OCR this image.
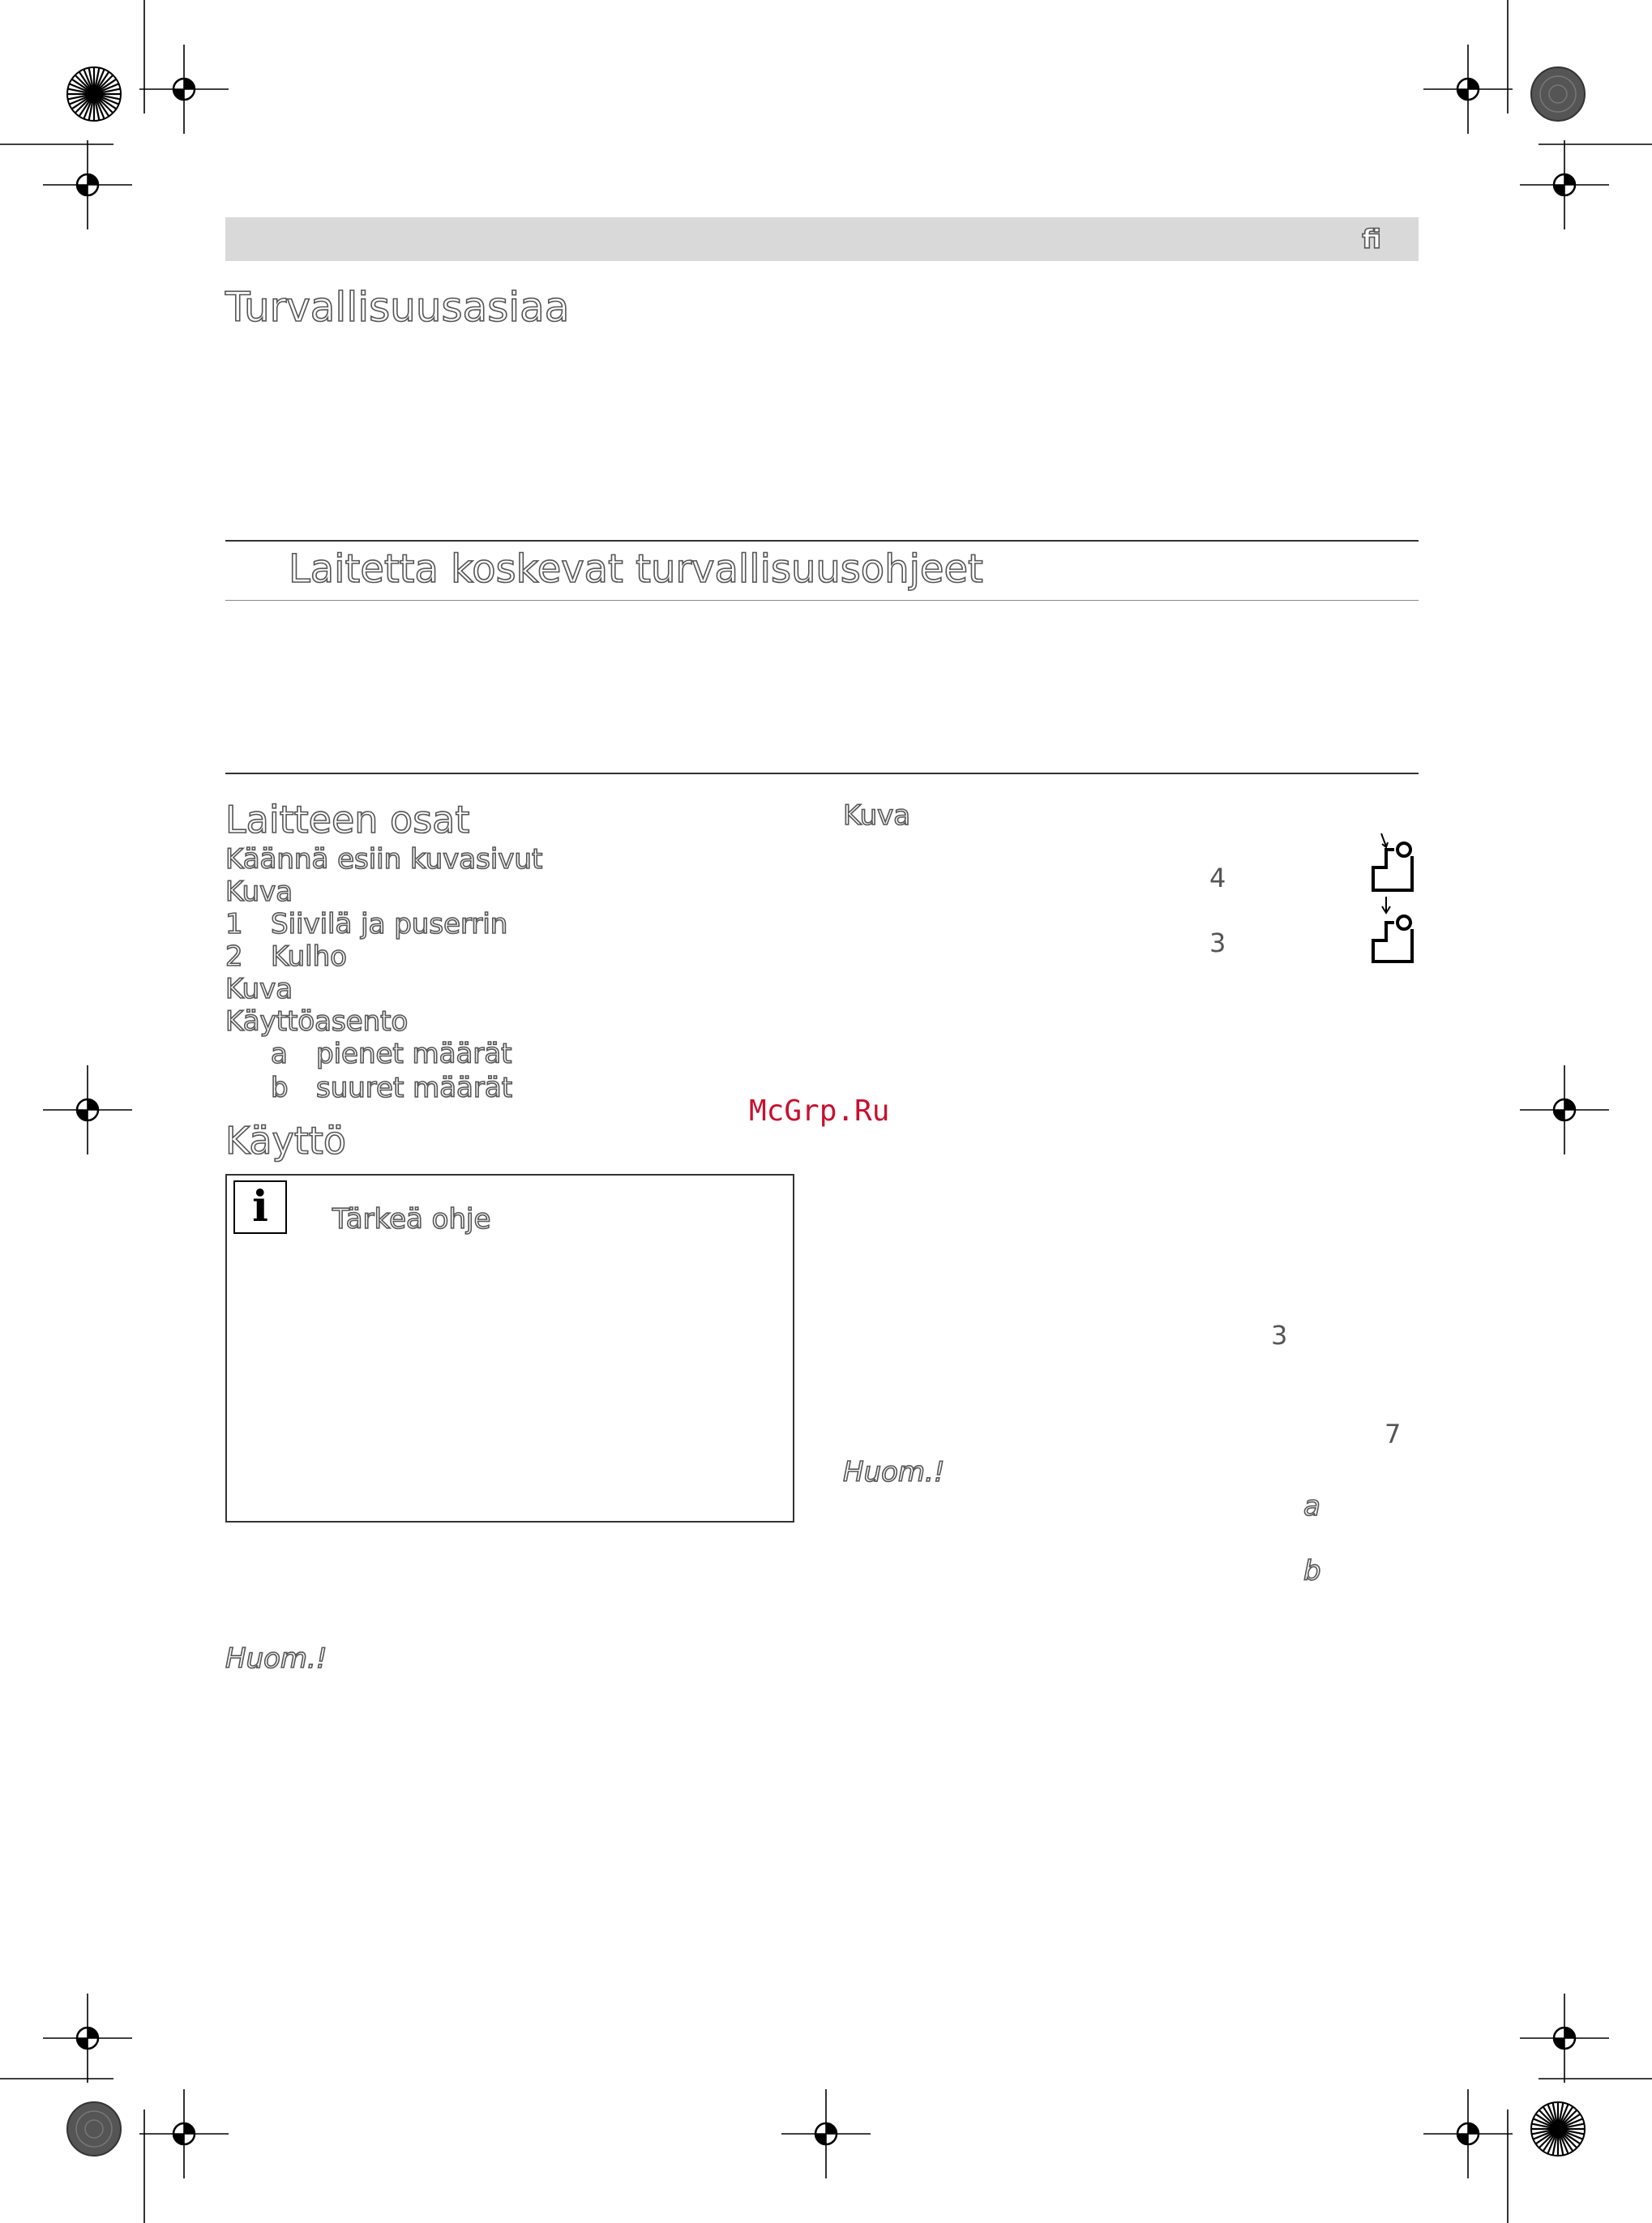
fi
Turvallisuusasiaa
Laitetta koskevat turvallisuusohjeet
Laitteen osat
Käännä esiin kuvasivut
Kuva
1 Siivilä ja puserrin
2 Kulho
Kuva
Käyttöasento
a pienet määrät
b suuret määrät
Käyttö
i	Tärkeä ohje
Huom.!
McGrp.Ru
Kuva
4
3
3
7
Huom.!
a
b
